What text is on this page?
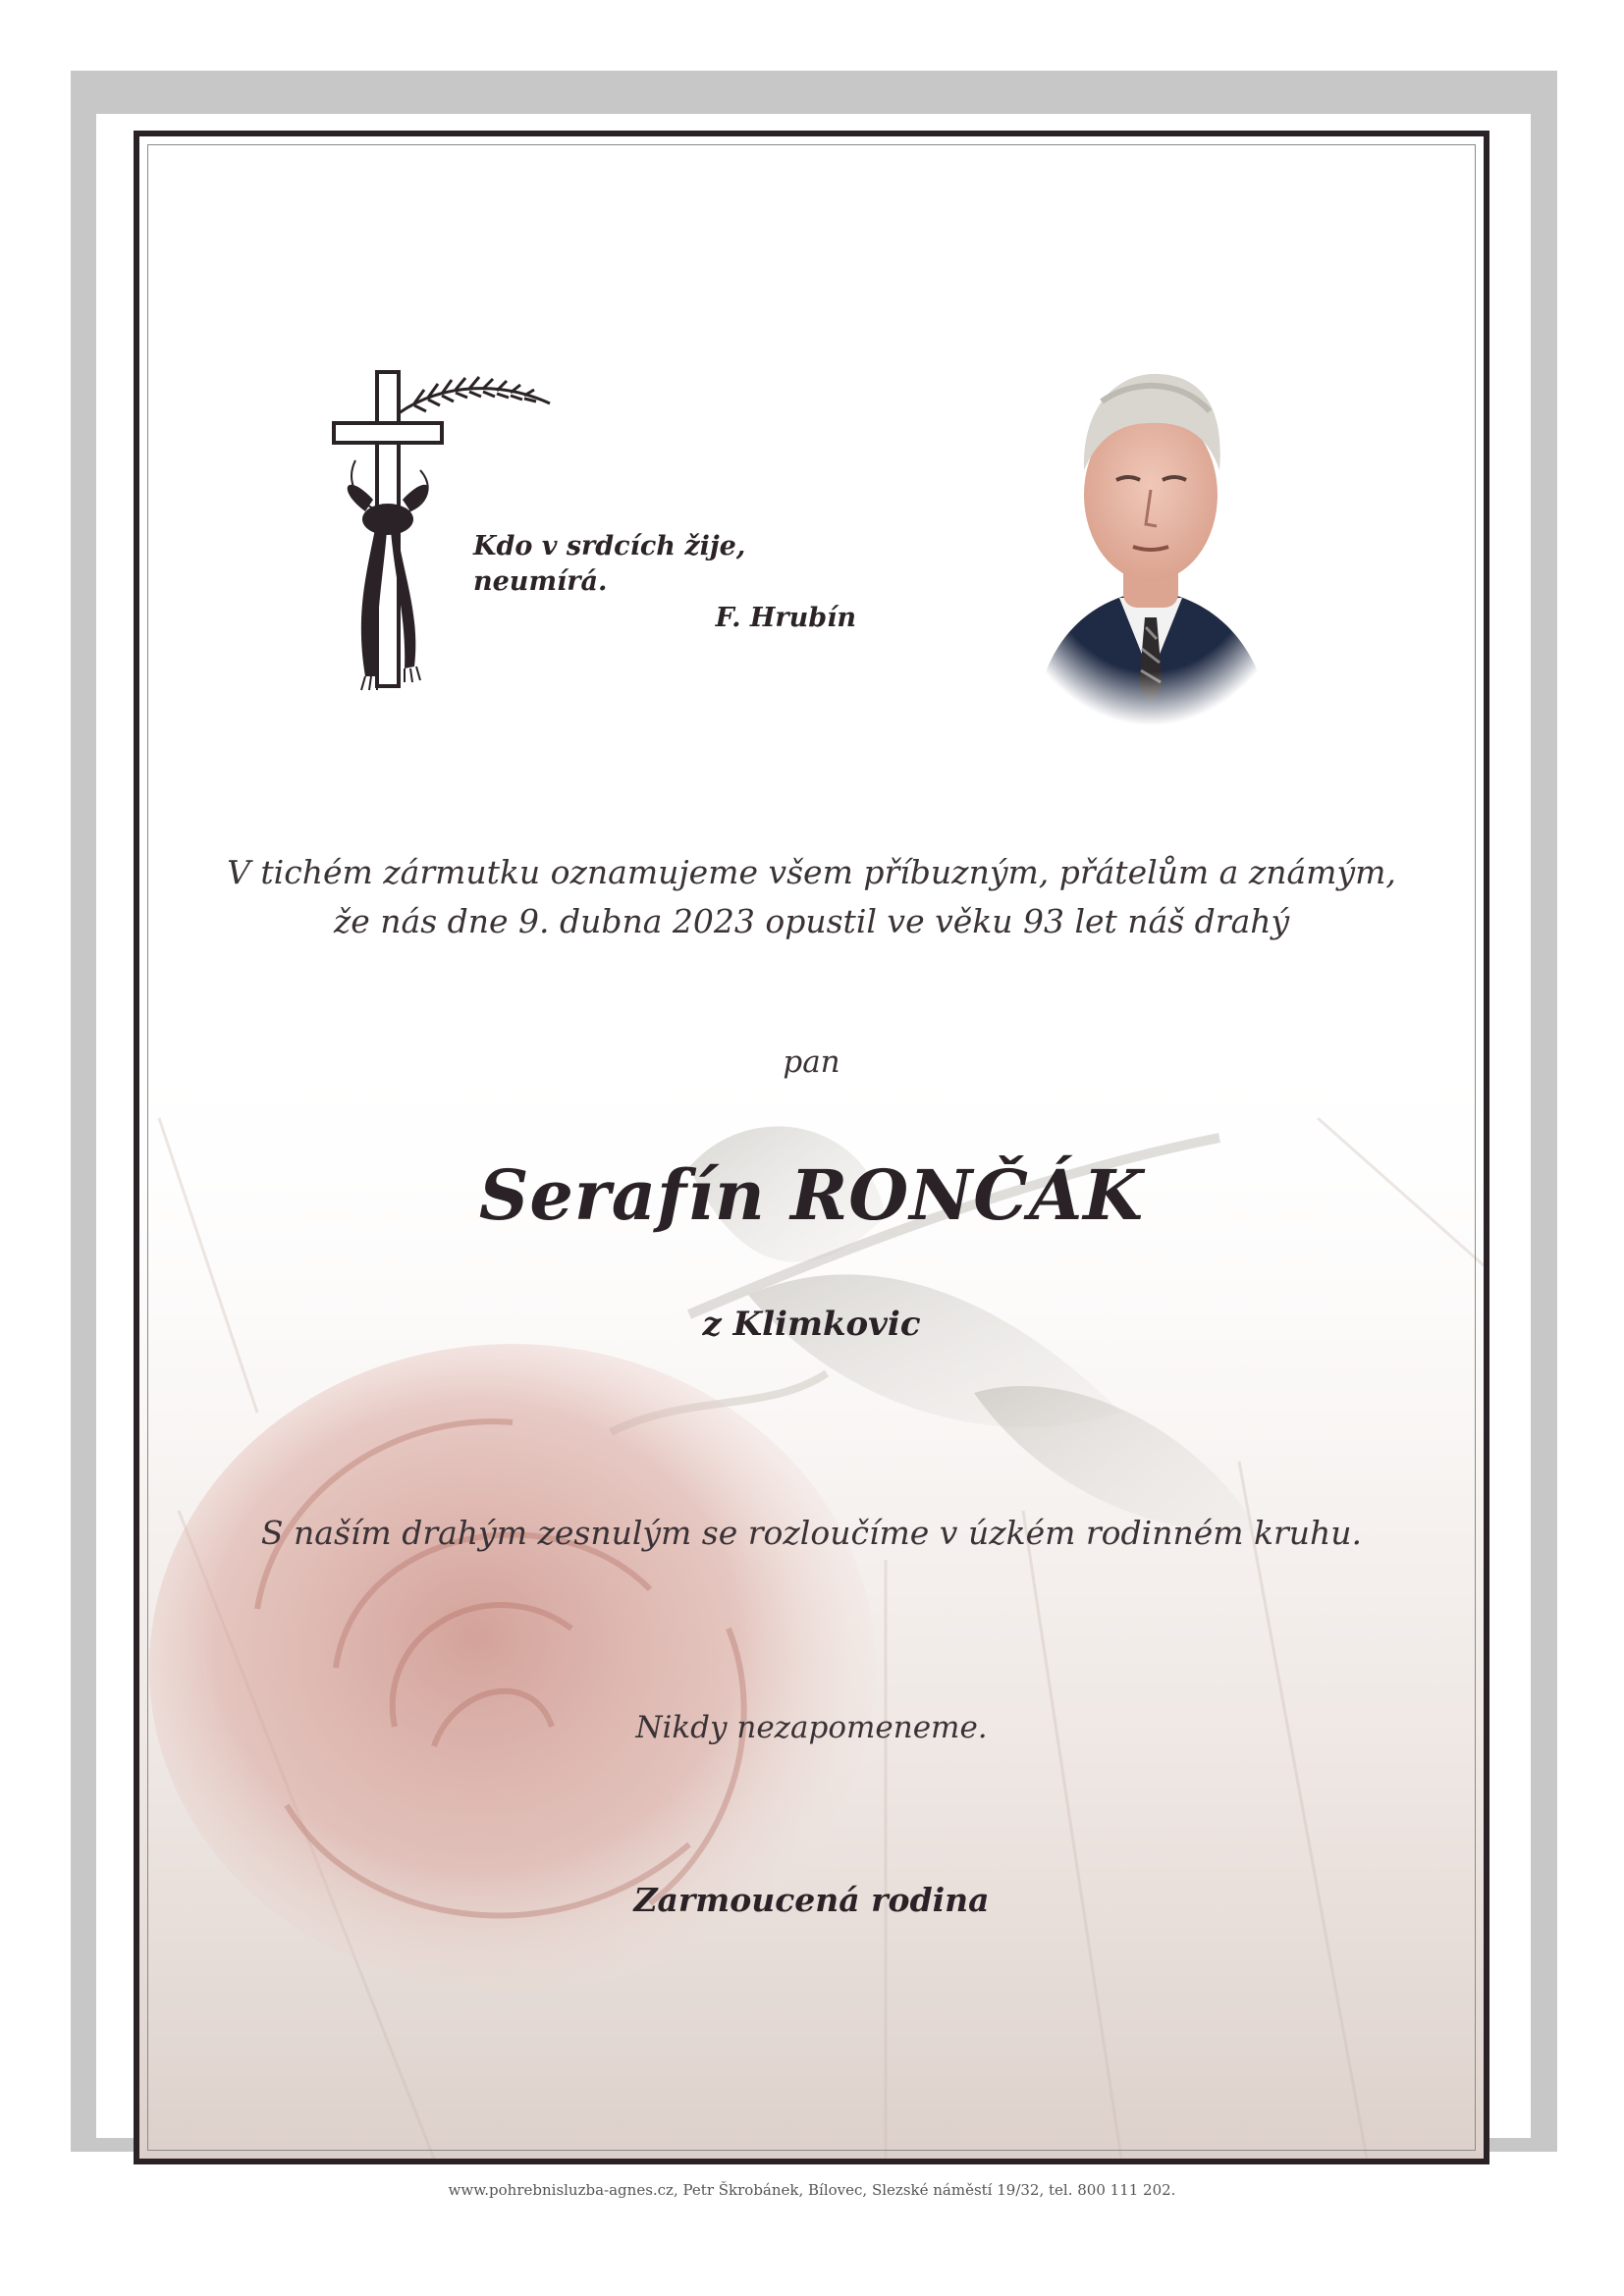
Kdo v srdcích žije, neumírá.
F. Hrubín
V tichém zármutku oznamujeme všem příbuzným, přátelům a známým,
že nás dne 9. dubna 2023 opustil ve věku 93 let náš drahý
pan
Serafín RONČÁK
z Klimkovic
S naším drahým zesnulým se rozloučíme v úzkém rodinném kruhu.
Nikdy nezapomeneme.
Zarmoucená rodina
www.pohrebnisluzba-agnes.cz, Petr Škrobánek, Bílovec, Slezské náměstí 19/32, tel. 800 111 202.
